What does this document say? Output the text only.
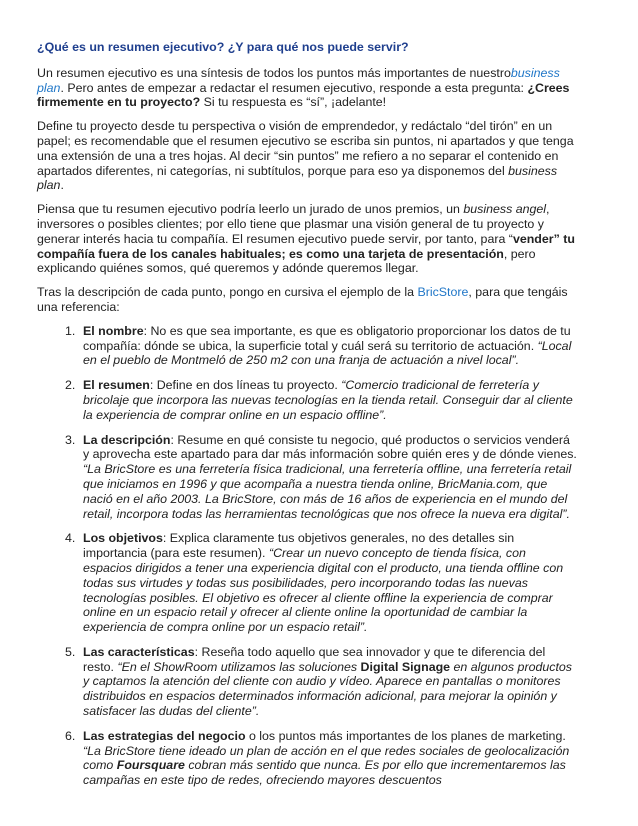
¿Qué es un resumen ejecutivo? ¿Y para qué nos puede servir?

Un resumen ejecutivo es una síntesis de todos los puntos más importantes de nuestrobusiness plan. Pero antes de empezar a redactar el resumen ejecutivo, responde a esta pregunta: ¿Crees firmemente en tu proyecto? Si tu respuesta es “sí”, ¡adelante!

Define tu proyecto desde tu perspectiva o visión de emprendedor, y redáctalo “del tirón” en un papel; es recomendable que el resumen ejecutivo se escriba sin puntos, ni apartados y que tenga una extensión de una a tres hojas. Al decir “sin puntos” me refiero a no separar el contenido en apartados diferentes, ni categorías, ni subtítulos, porque para eso ya disponemos del business plan.

Piensa que tu resumen ejecutivo podría leerlo un jurado de unos premios, un business angel, inversores o posibles clientes; por ello tiene que plasmar una visión general de tu proyecto y generar interés hacia tu compañía. El resumen ejecutivo puede servir, por tanto, para “vender” tu compañía fuera de los canales habituales; es como una tarjeta de presentación, pero explicando quiénes somos, qué queremos y adónde queremos llegar.

Tras la descripción de cada punto, pongo en cursiva el ejemplo de la BricStore, para que tengáis una referencia:

1. El nombre: No es que sea importante, es que es obligatorio proporcionar los datos de tu compañía: dónde se ubica, la superficie total y cuál será su territorio de actuación. “Local en el pueblo de Montmeló de 250 m2 con una franja de actuación a nivel local”.
2. El resumen: Define en dos líneas tu proyecto. “Comercio tradicional de ferretería y bricolaje que incorpora las nuevas tecnologías en la tienda retail. Conseguir dar al cliente la experiencia de comprar online en un espacio offline”.
3. La descripción: Resume en qué consiste tu negocio, qué productos o servicios venderá y aprovecha este apartado para dar más información sobre quién eres y de dónde vienes. “La BricStore es una ferretería física tradicional, una ferretería offline, una ferretería retail que iniciamos en 1996 y que acompaña a nuestra tienda online, BricMania.com, que nació en el año 2003. La BricStore, con más de 16 años de experiencia en el mundo del retail, incorpora todas las herramientas tecnológicas que nos ofrece la nueva era digital”.
4. Los objetivos: Explica claramente tus objetivos generales, no des detalles sin importancia (para este resumen). “Crear un nuevo concepto de tienda física, con espacios dirigidos a tener una experiencia digital con el producto, una tienda offline con todas sus virtudes y todas sus posibilidades, pero incorporando todas las nuevas tecnologías posibles. El objetivo es ofrecer al cliente offline la experiencia de comprar online en un espacio retail y ofrecer al cliente online la oportunidad de cambiar la experiencia de compra online por un espacio retail”.
5. Las características: Reseña todo aquello que sea innovador y que te diferencia del resto. “En el ShowRoom utilizamos las soluciones Digital Signage en algunos productos y captamos la atención del cliente con audio y vídeo. Aparece en pantallas o monitores distribuidos en espacios determinados información adicional, para mejorar la opinión y satisfacer las dudas del cliente”.
6. Las estrategias del negocio o los puntos más importantes de los planes de marketing. “La BricStore tiene ideado un plan de acción en el que redes sociales de geolocalización como Foursquare cobran más sentido que nunca. Es por ello que incrementaremos las campañas en este tipo de redes, ofreciendo mayores descuentos
